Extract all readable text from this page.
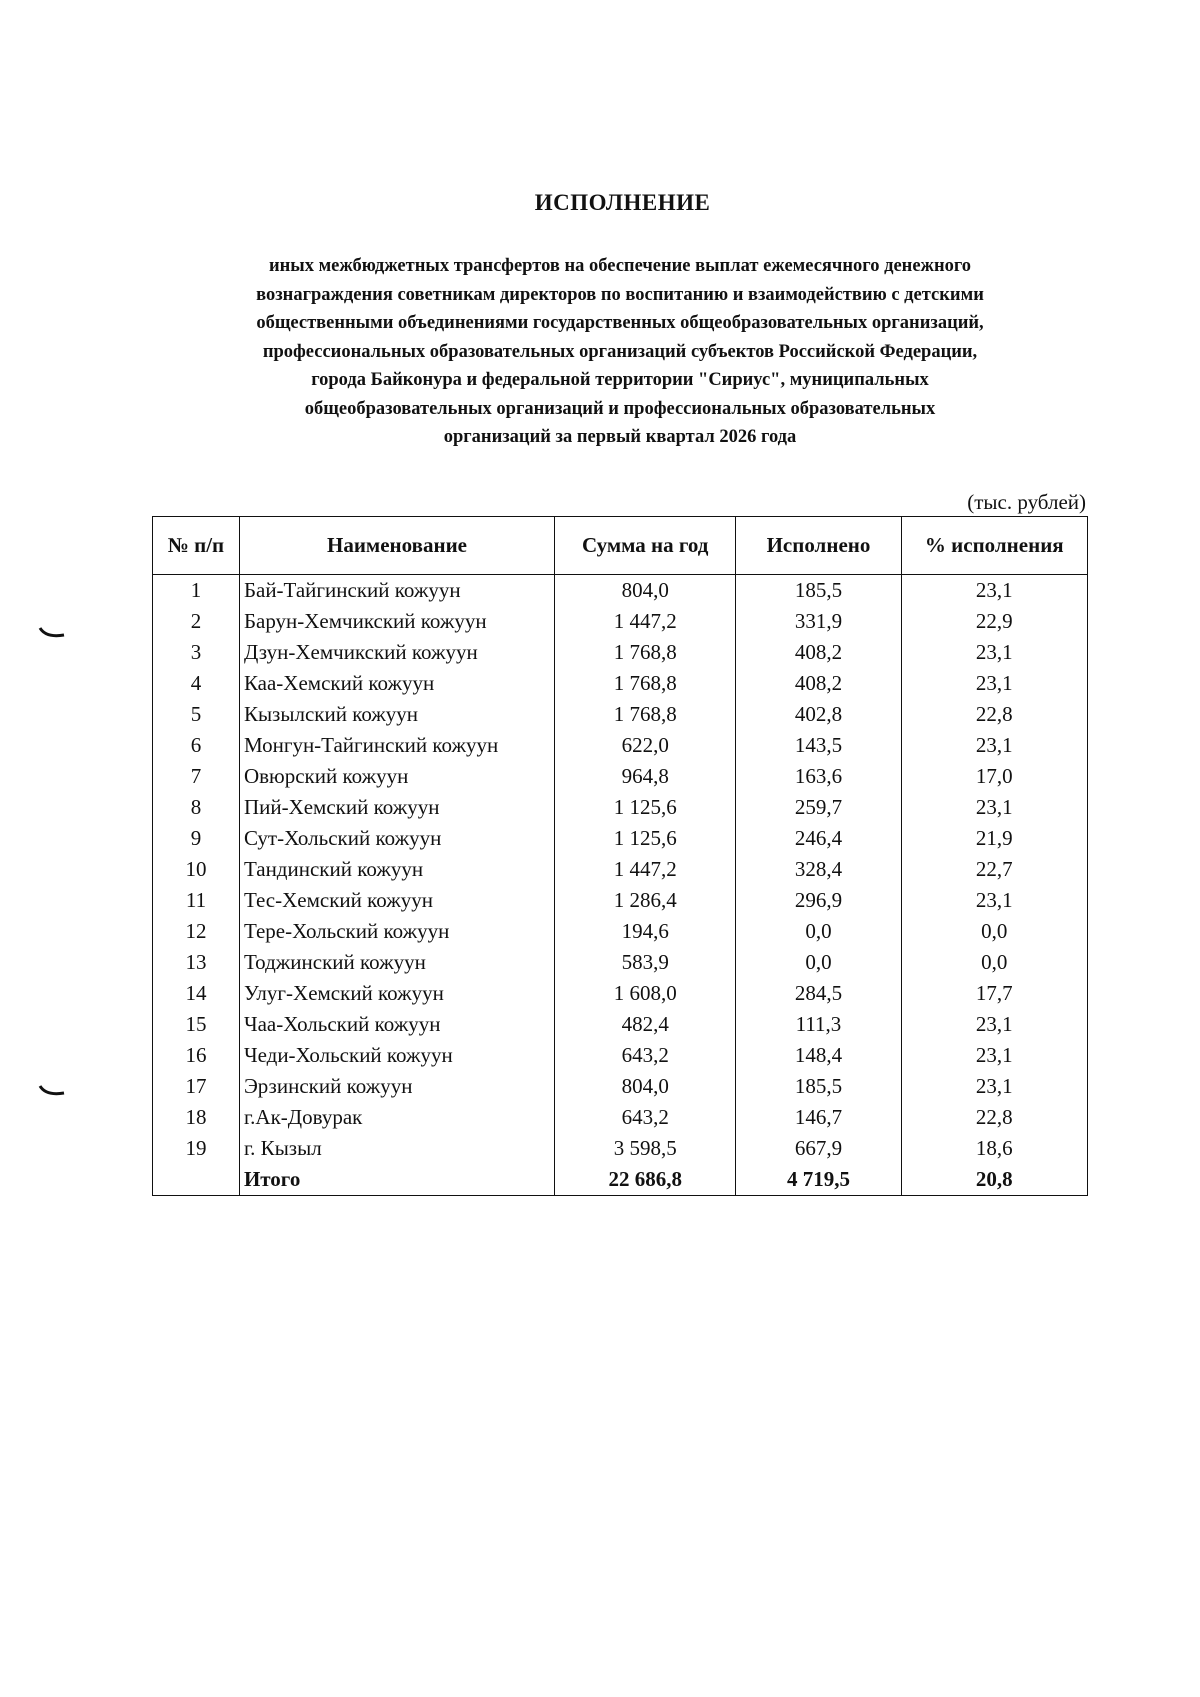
ИСПОЛНЕНИЕ
иных межбюджетных трансфертов на обеспечение выплат ежемесячного денежного
вознаграждения советникам директоров по воспитанию и взаимодействию с детскими
общественными объединениями государственных общеобразовательных организаций,
профессиональных образовательных организаций субъектов Российской Федерации,
города Байконура и федеральной территории "Сириус", муниципальных
общеобразовательных организаций и профессиональных образовательных
организаций за первый квартал 2026 года
(тыс. рублей)
№ п/п	Наименование	Сумма на год	Исполнено	% исполнения
1	Бай-Тайгинский кожуун	804,0	185,5	23,1
2	Барун-Хемчикский кожуун	1 447,2	331,9	22,9
3	Дзун-Хемчикский кожуун	1 768,8	408,2	23,1
4	Каа-Хемский кожуун	1 768,8	408,2	23,1
5	Кызылский кожуун	1 768,8	402,8	22,8
6	Монгун-Тайгинский кожуун	622,0	143,5	23,1
7	Овюрский кожуун	964,8	163,6	17,0
8	Пий-Хемский кожуун	1 125,6	259,7	23,1
9	Сут-Хольский кожуун	1 125,6	246,4	21,9
10	Тандинский кожуун	1 447,2	328,4	22,7
11	Тес-Хемский кожуун	1 286,4	296,9	23,1
12	Тере-Хольский кожуун	194,6	0,0	0,0
13	Тоджинский кожуун	583,9	0,0	0,0
14	Улуг-Хемский кожуун	1 608,0	284,5	17,7
15	Чаа-Хольский кожуун	482,4	111,3	23,1
16	Чеди-Хольский кожуун	643,2	148,4	23,1
17	Эрзинский кожуун	804,0	185,5	23,1
18	г.Ак-Довурак	643,2	146,7	22,8
19	г. Кызыл	3 598,5	667,9	18,6
	Итого	22 686,8	4 719,5	20,8
